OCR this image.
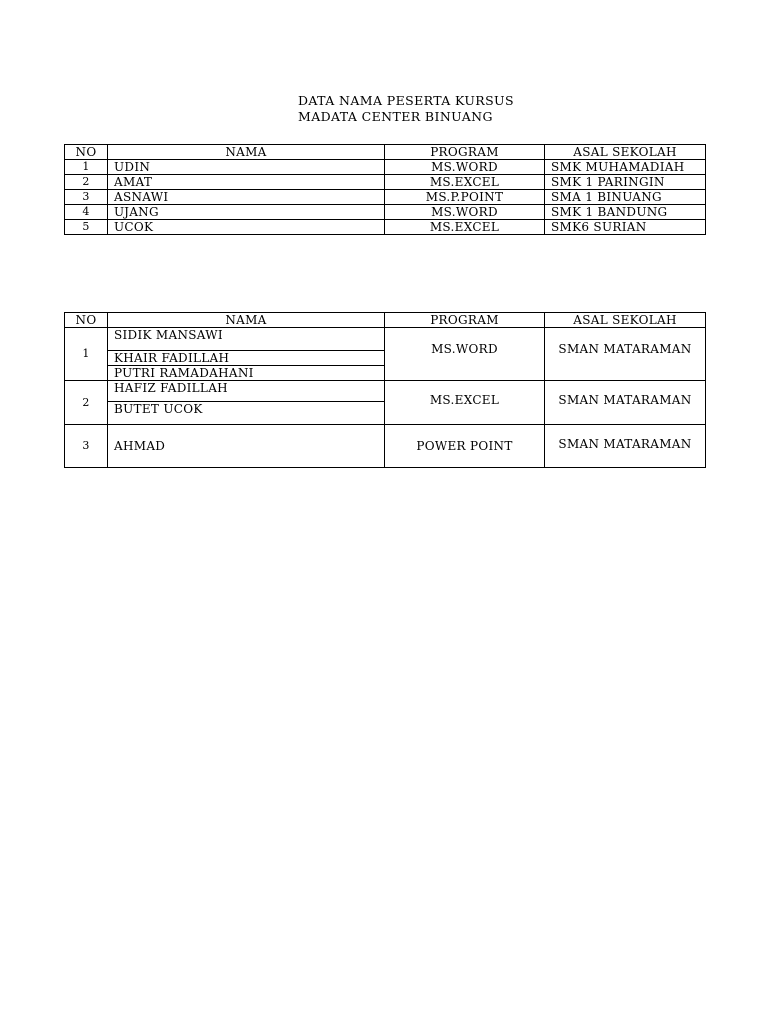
DATA NAMA PESERTA KURSUS
MADATA CENTER BINUANG
NO	NAMA	PROGRAM	ASAL SEKOLAH
1	UDIN	MS.WORD	SMK MUHAMADIAH
2	AMAT	MS.EXCEL	SMK 1 PARINGIN
3	ASNAWI	MS.P.POINT	SMA 1 BINUANG
4	UJANG	MS.WORD	SMK 1 BANDUNG
5	UCOK	MS.EXCEL	SMK6 SURIAN
NO	NAMA	PROGRAM	ASAL SEKOLAH
1	SIDIK MANSAWI	MS.WORD	SMAN MATARAMAN
	KHAIR FADILLAH		
	PUTRI RAMADAHANI		
2	HAFIZ FADILLAH	MS.EXCEL	SMAN MATARAMAN
	BUTET UCOK		
3	AHMAD	POWER POINT	SMAN MATARAMAN
